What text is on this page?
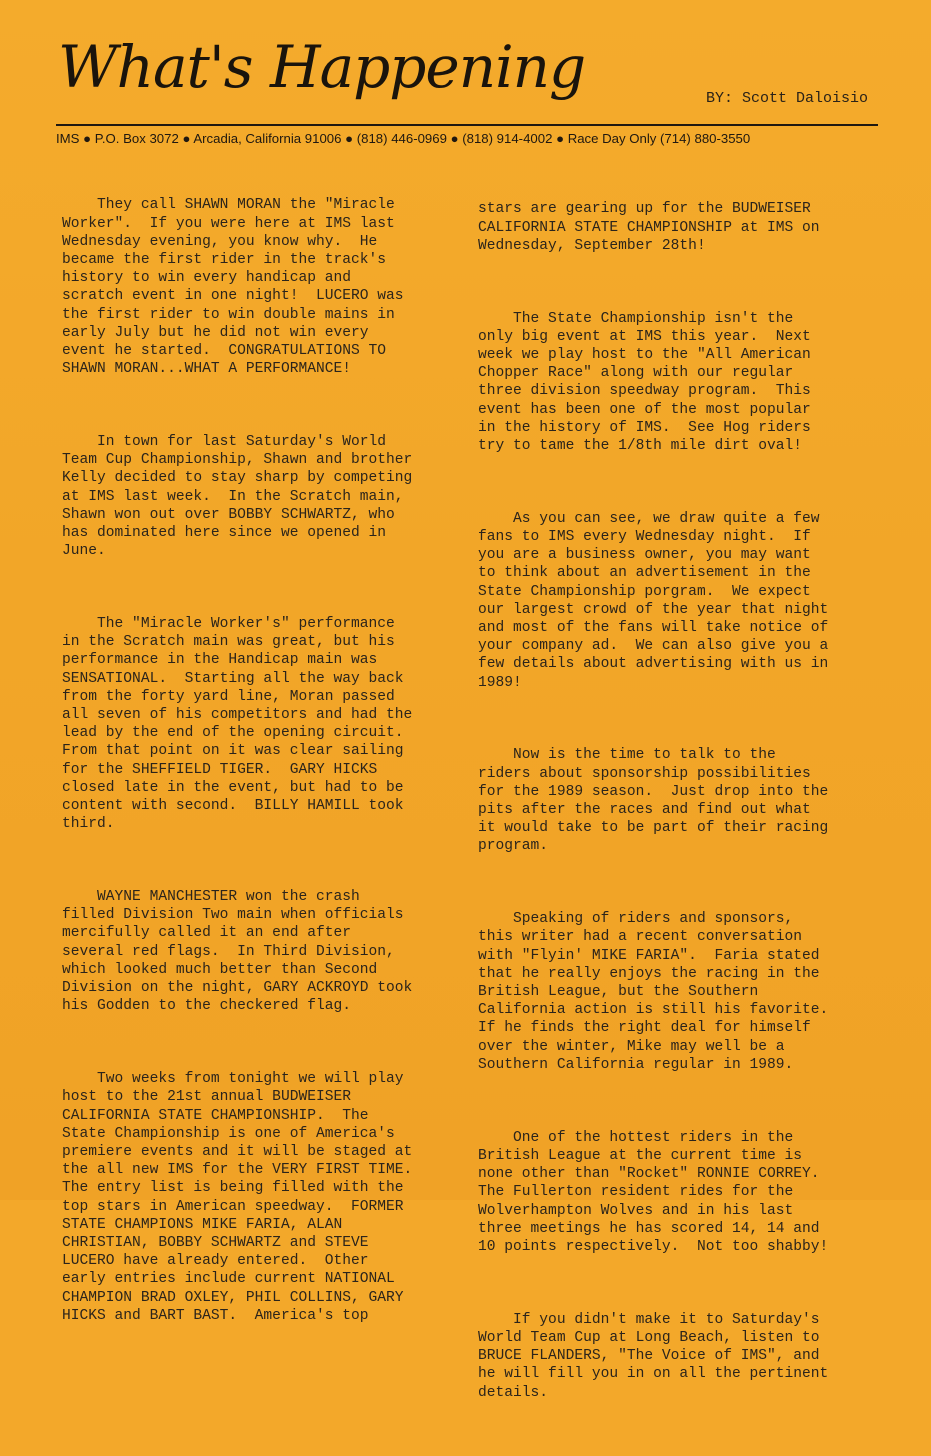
What's Happening	BY: Scott Daloisio
IMS ● P.O. Box 3072 ● Arcadia, California 91006 ● (818) 446-0969 ● (818) 914-4002 ● Race Day Only (714) 880-3550

They call SHAWN MORAN the "Miracle
Worker".  If you were here at IMS last
Wednesday evening, you know why.  He
became the first rider in the track's
history to win every handicap and
scratch event in one night!  LUCERO was
the first rider to win double mains in
early July but he did not win every
event he started.  CONGRATULATIONS TO
SHAWN MORAN...WHAT A PERFORMANCE!

In town for last Saturday's World
Team Cup Championship, Shawn and brother
Kelly decided to stay sharp by competing
at IMS last week.  In the Scratch main,
Shawn won out over BOBBY SCHWARTZ, who
has dominated here since we opened in
June.

The "Miracle Worker's" performance
in the Scratch main was great, but his
performance in the Handicap main was
SENSATIONAL.  Starting all the way back
from the forty yard line, Moran passed
all seven of his competitors and had the
lead by the end of the opening circuit.
From that point on it was clear sailing
for the SHEFFIELD TIGER.  GARY HICKS
closed late in the event, but had to be
content with second.  BILLY HAMILL took
third.

WAYNE MANCHESTER won the crash
filled Division Two main when officials
mercifully called it an end after
several red flags.  In Third Division,
which looked much better than Second
Division on the night, GARY ACKROYD took
his Godden to the checkered flag.

Two weeks from tonight we will play
host to the 21st annual BUDWEISER
CALIFORNIA STATE CHAMPIONSHIP.  The
State Championship is one of America's
premiere events and it will be staged at
the all new IMS for the VERY FIRST TIME.
The entry list is being filled with the
top stars in American speedway.  FORMER
STATE CHAMPIONS MIKE FARIA, ALAN
CHRISTIAN, BOBBY SCHWARTZ and STEVE
LUCERO have already entered.  Other
early entries include current NATIONAL
CHAMPION BRAD OXLEY, PHIL COLLINS, GARY
HICKS and BART BAST.  America's top

stars are gearing up for the BUDWEISER
CALIFORNIA STATE CHAMPIONSHIP at IMS on
Wednesday, September 28th!

The State Championship isn't the
only big event at IMS this year.  Next
week we play host to the "All American
Chopper Race" along with our regular
three division speedway program.  This
event has been one of the most popular
in the history of IMS.  See Hog riders
try to tame the 1/8th mile dirt oval!

As you can see, we draw quite a few
fans to IMS every Wednesday night.  If
you are a business owner, you may want
to think about an advertisement in the
State Championship porgram.  We expect
our largest crowd of the year that night
and most of the fans will take notice of
your company ad.  We can also give you a
few details about advertising with us in
1989!

Now is the time to talk to the
riders about sponsorship possibilities
for the 1989 season.  Just drop into the
pits after the races and find out what
it would take to be part of their racing
program.

Speaking of riders and sponsors,
this writer had a recent conversation
with "Flyin' MIKE FARIA".  Faria stated
that he really enjoys the racing in the
British League, but the Southern
California action is still his favorite.
If he finds the right deal for himself
over the winter, Mike may well be a
Southern California regular in 1989.

One of the hottest riders in the
British League at the current time is
none other than "Rocket" RONNIE CORREY.
The Fullerton resident rides for the
Wolverhampton Wolves and in his last
three meetings he has scored 14, 14 and
10 points respectively.  Not too shabby!

If you didn't make it to Saturday's
World Team Cup at Long Beach, listen to
BRUCE FLANDERS, "The Voice of IMS", and
he will fill you in on all the pertinent
details.
